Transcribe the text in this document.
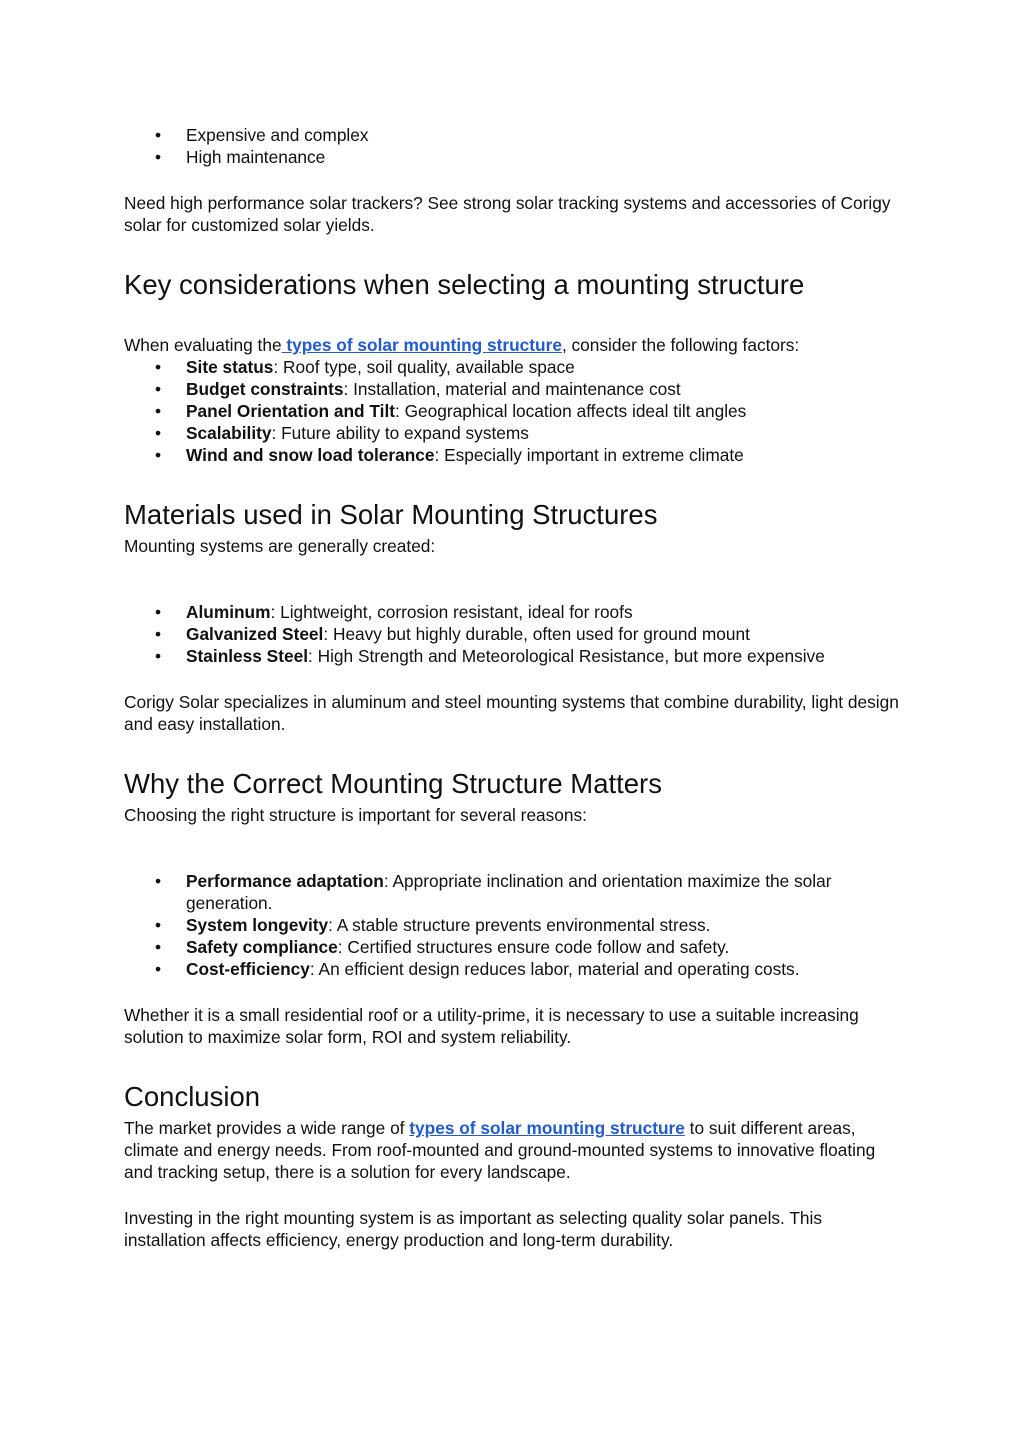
• Expensive and complex
• High maintenance

Need high performance solar trackers? See strong solar tracking systems and accessories of Corigy solar for customized solar yields.

Key considerations when selecting a mounting structure

When evaluating the types of solar mounting structure, consider the following factors:

• Site status: Roof type, soil quality, available space
• Budget constraints: Installation, material and maintenance cost
• Panel Orientation and Tilt: Geographical location affects ideal tilt angles
• Scalability: Future ability to expand systems
• Wind and snow load tolerance: Especially important in extreme climate
Materials used in Solar Mounting Structures

Mounting systems are generally created:

• Aluminum: Lightweight, corrosion resistant, ideal for roofs
• Galvanized Steel: Heavy but highly durable, often used for ground mount
• Stainless Steel: High Strength and Meteorological Resistance, but more expensive

Corigy Solar specializes in aluminum and steel mounting systems that combine durability, light design and easy installation.

Why the Correct Mounting Structure Matters

Choosing the right structure is important for several reasons:

• Performance adaptation: Appropriate inclination and orientation maximize the solar generation.
• System longevity: A stable structure prevents environmental stress.
• Safety compliance: Certified structures ensure code follow and safety.
• Cost-efficiency: An efficient design reduces labor, material and operating costs.

Whether it is a small residential roof or a utility-prime, it is necessary to use a suitable increasing solution to maximize solar form, ROI and system reliability.

Conclusion

The market provides a wide range of types of solar mounting structure to suit different areas, climate and energy needs. From roof-mounted and ground-mounted systems to innovative floating and tracking setup, there is a solution for every landscape.

Investing in the right mounting system is as important as selecting quality solar panels. This installation affects efficiency, energy production and long-term durability.
